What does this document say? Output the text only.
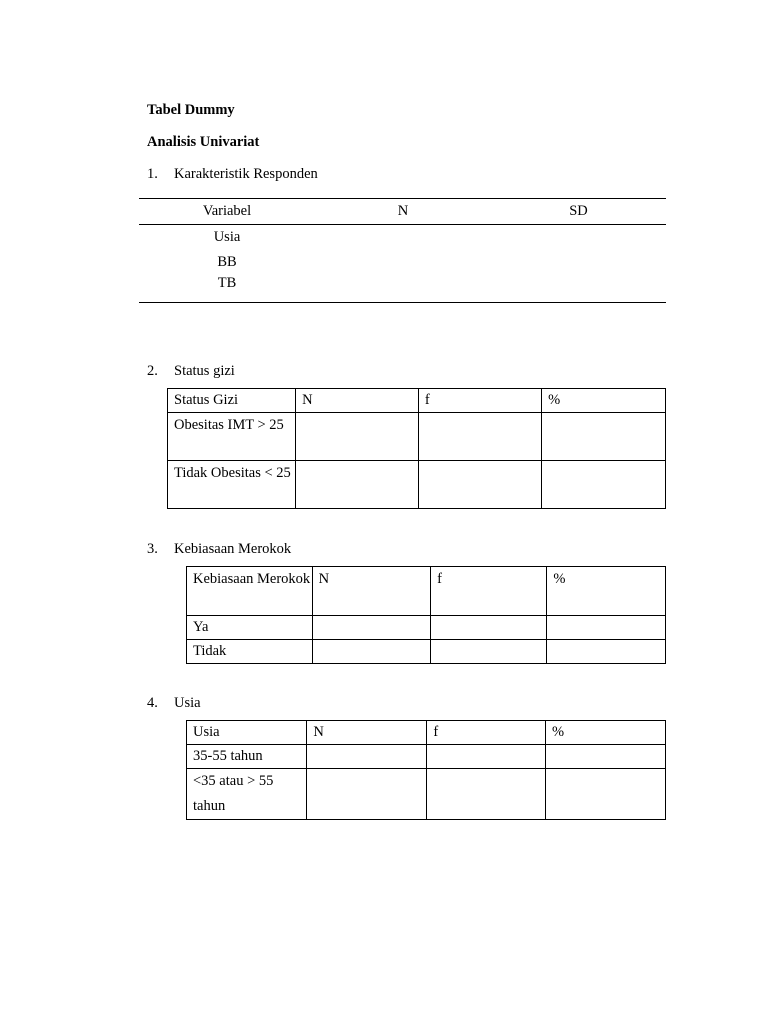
Tabel Dummy
Analisis Univariat
1. Karakteristik Responden
Variabel	N	SD
Usia		
BB		
TB		
2. Status gizi
Status Gizi	N	f	%
Obesitas IMT > 25			
Tidak Obesitas < 25			
3. Kebiasaan Merokok
Kebiasaan Merokok	N	f	%
Ya			
Tidak			
4. Usia
Usia	N	f	%
35-55 tahun			
<35 atau > 55 tahun			
